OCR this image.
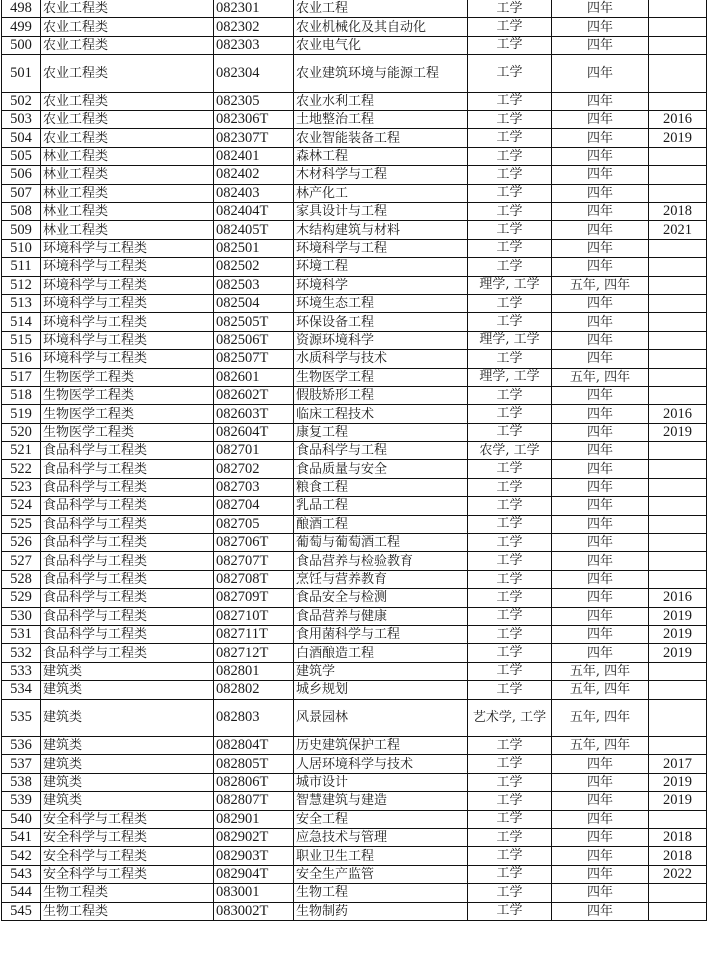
498	农业工程类	082301	农业工程	工学	四年	
499	农业工程类	082302	农业机械化及其自动化	工学	四年	
500	农业工程类	082303	农业电气化	工学	四年	
501	农业工程类	082304	农业建筑环境与能源工程	工学	四年	
502	农业工程类	082305	农业水利工程	工学	四年	
503	农业工程类	082306T	土地整治工程	工学	四年	2016
504	农业工程类	082307T	农业智能装备工程	工学	四年	2019
505	林业工程类	082401	森林工程	工学	四年	
506	林业工程类	082402	木材科学与工程	工学	四年	
507	林业工程类	082403	林产化工	工学	四年	
508	林业工程类	082404T	家具设计与工程	工学	四年	2018
509	林业工程类	082405T	木结构建筑与材料	工学	四年	2021
510	环境科学与工程类	082501	环境科学与工程	工学	四年	
511	环境科学与工程类	082502	环境工程	工学	四年	
512	环境科学与工程类	082503	环境科学	理学, 工学	五年, 四年	
513	环境科学与工程类	082504	环境生态工程	工学	四年	
514	环境科学与工程类	082505T	环保设备工程	工学	四年	
515	环境科学与工程类	082506T	资源环境科学	理学, 工学	四年	
516	环境科学与工程类	082507T	水质科学与技术	工学	四年	
517	生物医学工程类	082601	生物医学工程	理学, 工学	五年, 四年	
518	生物医学工程类	082602T	假肢矫形工程	工学	四年	
519	生物医学工程类	082603T	临床工程技术	工学	四年	2016
520	生物医学工程类	082604T	康复工程	工学	四年	2019
521	食品科学与工程类	082701	食品科学与工程	农学, 工学	四年	
522	食品科学与工程类	082702	食品质量与安全	工学	四年	
523	食品科学与工程类	082703	粮食工程	工学	四年	
524	食品科学与工程类	082704	乳品工程	工学	四年	
525	食品科学与工程类	082705	酿酒工程	工学	四年	
526	食品科学与工程类	082706T	葡萄与葡萄酒工程	工学	四年	
527	食品科学与工程类	082707T	食品营养与检验教育	工学	四年	
528	食品科学与工程类	082708T	烹饪与营养教育	工学	四年	
529	食品科学与工程类	082709T	食品安全与检测	工学	四年	2016
530	食品科学与工程类	082710T	食品营养与健康	工学	四年	2019
531	食品科学与工程类	082711T	食用菌科学与工程	工学	四年	2019
532	食品科学与工程类	082712T	白酒酿造工程	工学	四年	2019
533	建筑类	082801	建筑学	工学	五年, 四年	
534	建筑类	082802	城乡规划	工学	五年, 四年	
535	建筑类	082803	风景园林	艺术学, 工学	五年, 四年	
536	建筑类	082804T	历史建筑保护工程	工学	五年, 四年	
537	建筑类	082805T	人居环境科学与技术	工学	四年	2017
538	建筑类	082806T	城市设计	工学	四年	2019
539	建筑类	082807T	智慧建筑与建造	工学	四年	2019
540	安全科学与工程类	082901	安全工程	工学	四年	
541	安全科学与工程类	082902T	应急技术与管理	工学	四年	2018
542	安全科学与工程类	082903T	职业卫生工程	工学	四年	2018
543	安全科学与工程类	082904T	安全生产监管	工学	四年	2022
544	生物工程类	083001	生物工程	工学	四年	
545	生物工程类	083002T	生物制药	工学	四年	
